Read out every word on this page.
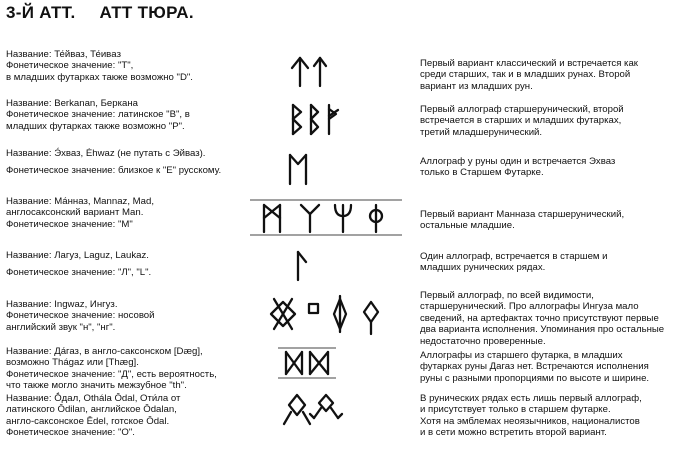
3-Й АТТ. АТТ ТЮРА.
Название: Те́йваз, Те́ивaз
Фонетическое значение: "T",
в младших футарках также возможно "D".
Название: Berkanan, Беркана
Фонетическое значение: латинское "B", в
младших футарках также возможно "P".
Название: Э́хваз, Ėhwaz (не путать с Эйваз).
Фонетическое значение: близкое к "Е" русскому.
Название: Ма́нназ, Mannaz, Mad,
англосаксонский вариант Man.
Фонетическое значение: "M"
Название: Лагуз, Laguz, Laukaz.
Фонетическое значение: "Л", "L".
Название: Ingwaz, Ингуз.
Фонетическое значение: носовой
английский звук "н", "нг".
Название: Да́газ, в англо-саксонском [Dæg],
возможно Thágaz или [Thæg].
Фонетическое значение: "Д", есть вероятность,
что также могло значить межзубное "th".
Название: Ṓдал, Othála Ōdal, Оти́ла от
латинского Ōdilan, английское Ōdalan,
англо-саксонское Ēdel, готское Ōdal.
Фонетическое значение: "О".
Первый вариант классический и встречается как
среди старших, так и в младших рунах. Второй
вариант из младших рун.
Первый аллограф старшерунический, второй
встречается в старших и младших футарках,
третий младшерунический.
Аллограф у руны один и встречается Эхваз
только в Старшем Футарке.
Первый вариант Манназа старшерунический,
остальные младшие.
Один аллограф, встречается в старшем и
младших рунических рядах.
Первый аллограф, по всей видимости,
старшерунический. Про аллографы Ингуза мало
сведений, на артефактах точно присутствуют первые
два варианта исполнения. Упоминания про остальные
недостаточно проверенные.
Аллографы из старшего футарка, в младших
футарках руны Дагаз нет. Встречаются исполнения
руны с разными пропорциями по высоте и ширине.
В рунических рядах есть лишь первый аллограф,
и присутствует только в старшем футарке.
Хотя на эмблемах неоязычников, националистов
и в сети можно встретить второй вариант.
